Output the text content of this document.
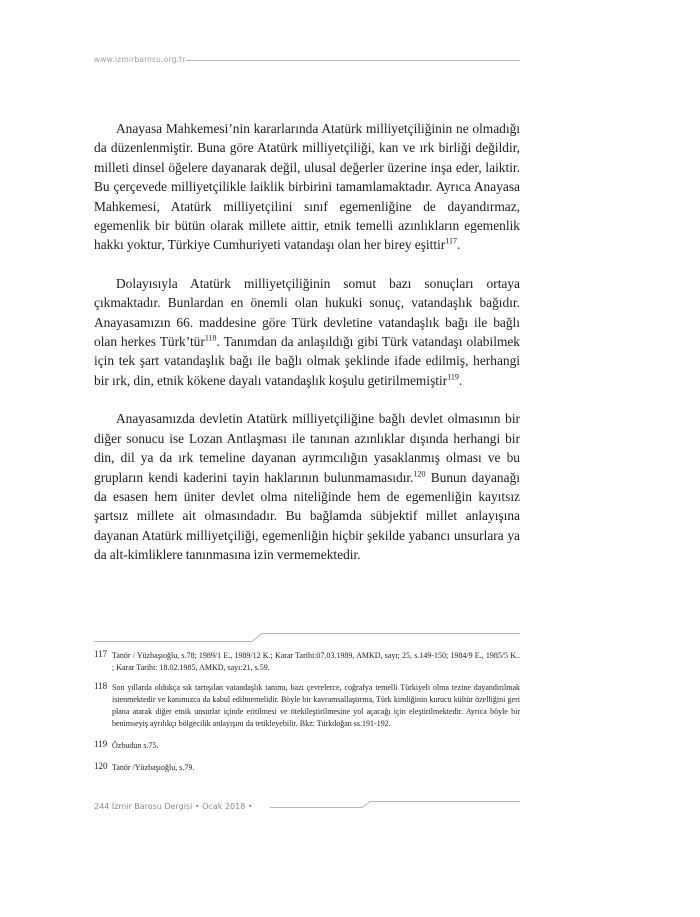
www.izmirbarosu.org.tr

Anayasa Mahkemesi’nin kararlarında Atatürk milliyetçiliğinin ne olmadığı da düzenlenmiştir. Buna göre Atatürk milliyetçiliği, kan ve ırk birliği değildir, milleti dinsel öğelere dayanarak değil, ulusal değerler üzerine inşa eder, laiktir. Bu çerçevede milliyetçilikle laiklik birbirini tamamlamaktadır. Ayrıca Anayasa Mahkemesi, Atatürk milliyetçilini sınıf egemenliğine de dayandırmaz, egemenlik bir bütün olarak millete aittir, etnik temelli azınlıkların egemenlik hakkı yoktur, Türkiye Cumhuriyeti vatandaşı olan her birey eşittir$^{117}$.

Dolayısıyla Atatürk milliyetçiliğinin somut bazı sonuçları ortaya çıkmaktadır. Bunlardan en önemli olan hukuki sonuç, vatandaşlık bağıdır. Anayasamızın 66. maddesine göre Türk devletine vatandaşlık bağı ile bağlı olan herkes Türk’tür$^{118}$. Tanımdan da anlaşıldığı gibi Türk vatandaşı olabilmek için tek şart vatandaşlık bağı ile bağlı olmak şeklinde ifade edilmiş, herhangi bir ırk, din, etnik kökene dayalı vatandaşlık koşulu getirilmemiştir$^{119}$.

Anayasamızda devletin Atatürk milliyetçiliğine bağlı devlet olmasının bir diğer sonucu ise Lozan Antlaşması ile tanınan azınlıklar dışında herhangi bir din, dil ya da ırk temeline dayanan ayrımcılığın yasaklanmış olması ve bu grupların kendi kaderini tayin haklarının bulunmamasıdır.$^{120}$ Bunun dayanağı da esasen hem üniter devlet olma niteliğinde hem de egemenliğin kayıtsız şartsız millete ait olmasındadır. Bu bağlamda sübjektif millet anlayışına dayanan Atatürk milliyetçiliği, egemenliğin hiçbir şekilde yabancı unsurlara ya da alt-kimliklere tanınmasına izin vermemektedir.

117 Tanör / Yüzbaşıoğlu, s.78; 1989/1 E., 1989/12 K.; Karar Tarihi:07.03.1989, AMKD, sayı; 25, s.149-150; 1984/9 E., 1985/5 K.. ; Karar Tarihi: 18.02.1985, AMKD, sayı:21, s.59.

118 Son yıllarda oldukça sık tartışılan vatandaşlık tanımı, bazı çevrelerce, coğrafya temelli Türkiyeli olma tezine dayandırılmak istenmektedir ve kanımızca da kabul edilmemelidir. Böyle bir kavramsallaştırma, Türk kimliğinin kurucu kültür özelliğini geri plana atarak diğer etnik unsurlar içinde eritilmesi ve ötekileştirilmesine yol açacağı için eleştirilmektedir. Ayrıca böyle bir benimseyiş ayrılıkçı bölgecilik anlayışını da tetikleyebilir. Bkz: Türkdoğan ss.191-192.

119 Özbudun s.75.

120 Tanör /Yüzbaşıoğlu, s.79.

244 İzmir Barosu Dergisi • Ocak 2018 •
